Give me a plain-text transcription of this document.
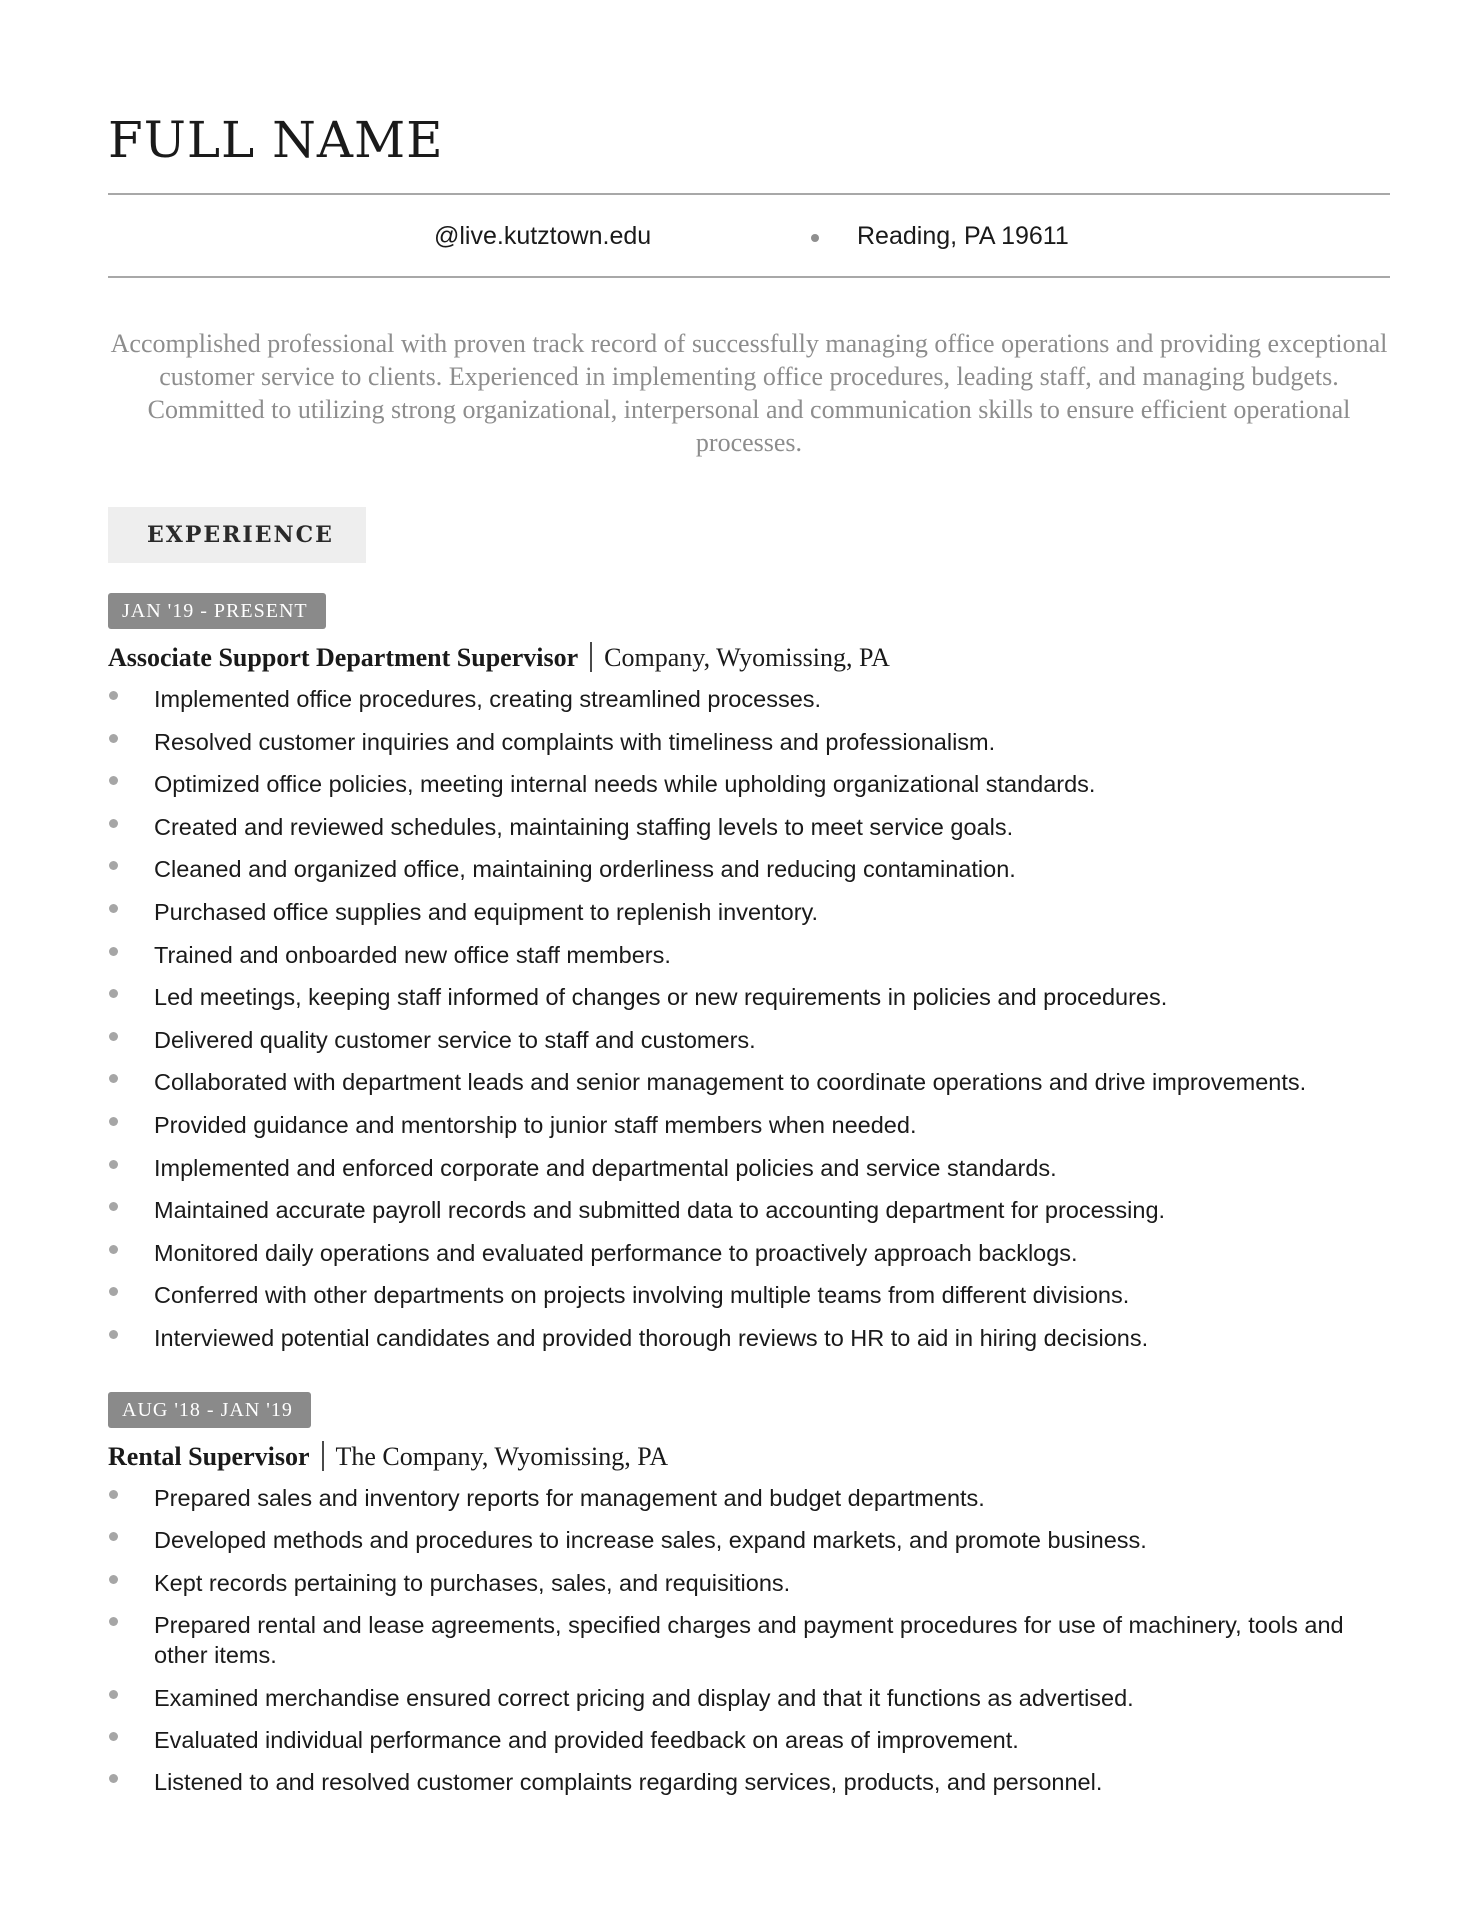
FULL NAME
@live.kutztown.edu	Reading, PA 19611

Accomplished professional with proven track record of successfully managing office operations and providing exceptional customer service to clients. Experienced in implementing office procedures, leading staff, and managing budgets. Committed to utilizing strong organizational, interpersonal and communication skills to ensure efficient operational processes.

EXPERIENCE
JAN '19 - PRESENT
Associate Support Department Supervisor Company, Wyomissing, PA
Implemented office procedures, creating streamlined processes.
Resolved customer inquiries and complaints with timeliness and professionalism.
Optimized office policies, meeting internal needs while upholding organizational standards.
Created and reviewed schedules, maintaining staffing levels to meet service goals.
Cleaned and organized office, maintaining orderliness and reducing contamination.
Purchased office supplies and equipment to replenish inventory.
Trained and onboarded new office staff members.
Led meetings, keeping staff informed of changes or new requirements in policies and procedures.
Delivered quality customer service to staff and customers.
Collaborated with department leads and senior management to coordinate operations and drive improvements.
Provided guidance and mentorship to junior staff members when needed.
Implemented and enforced corporate and departmental policies and service standards.
Maintained accurate payroll records and submitted data to accounting department for processing.
Monitored daily operations and evaluated performance to proactively approach backlogs.
Conferred with other departments on projects involving multiple teams from different divisions.
Interviewed potential candidates and provided thorough reviews to HR to aid in hiring decisions.
AUG '18 - JAN '19
Rental Supervisor The Company, Wyomissing, PA
Prepared sales and inventory reports for management and budget departments.
Developed methods and procedures to increase sales, expand markets, and promote business.
Kept records pertaining to purchases, sales, and requisitions.
Prepared rental and lease agreements, specified charges and payment procedures for use of machinery, tools and other items.
Examined merchandise ensured correct pricing and display and that it functions as advertised.
Evaluated individual performance and provided feedback on areas of improvement.
Listened to and resolved customer complaints regarding services, products, and personnel.
